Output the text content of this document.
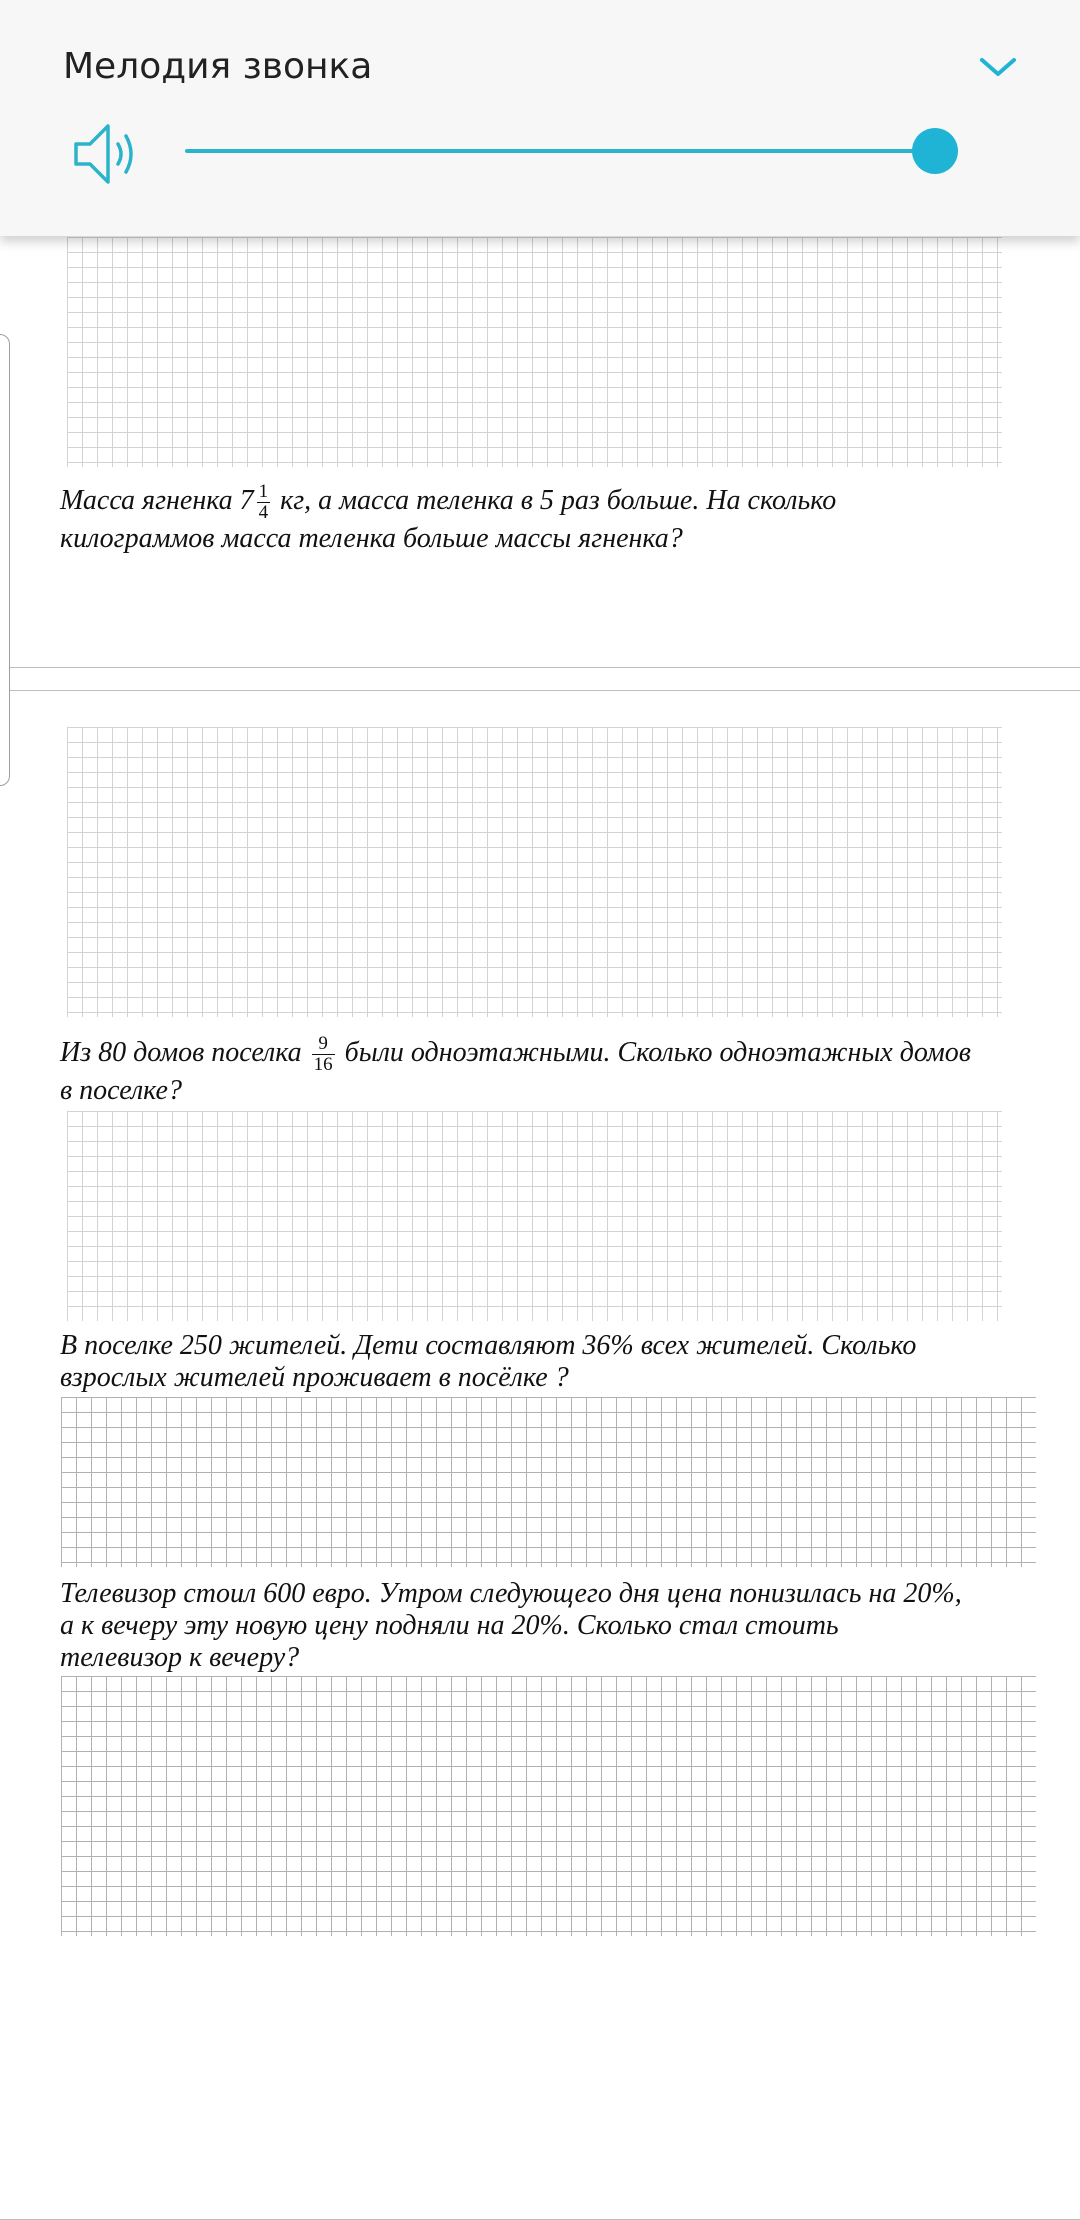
Масса ягненка $7 \frac{1}{4}$ кг, а масса теленка в 5 раз больше. На сколько
килограммов масса теленка больше массы ягненка?
Из 80 домов поселка $\frac{9}{16}$ были одноэтажными. Сколько одноэтажных домов
в поселке?
В поселке 250 жителей. Дети составляют 36% всех жителей. Сколько
взрослых жителей проживает в посёлке ?
Телевизор стоил 600 евро. Утром следующего дня цена понизилась на 20%,
а к вечеру эту новую цену подняли на 20%. Сколько стал стоить
телевизор к вечеру?
Мелодия звонка
